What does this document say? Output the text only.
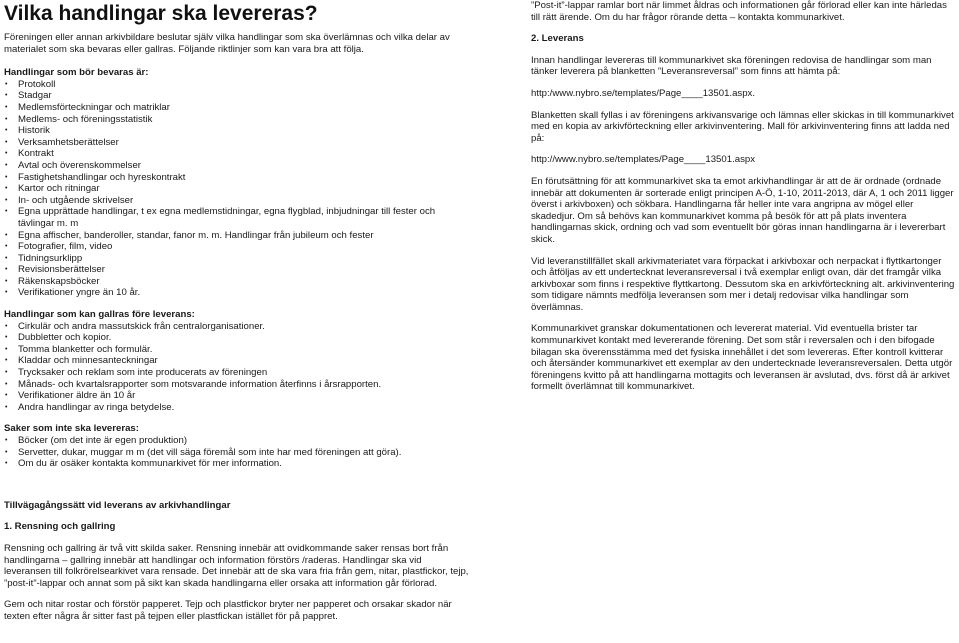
Vilka handlingar ska levereras?

Föreningen eller annan arkivbildare beslutar själv vilka handlingar som ska överlämnas och vilka delar av materialet som ska bevaras eller gallras. Följande riktlinjer som kan vara bra att följa.

Handlingar som bör bevaras är:

• Protokoll
• Stadgar
• Medlemsförteckningar och matriklar
• Medlems- och föreningsstatistik
• Historik
• Verksamhetsberättelser
• Kontrakt
• Avtal och överenskommelser
• Fastighetshandlingar och hyreskontrakt
• Kartor och ritningar
• In- och utgående skrivelser
• Egna upprättade handlingar, t ex egna medlemstidningar, egna flygblad, inbjudningar till fester och tävlingar m. m
• Egna affischer, banderoller, standar, fanor m. m. Handlingar från jubileum och fester
• Fotografier, film, video
• Tidningsurklipp
• Revisionsberättelser
• Räkenskapsböcker
• Verifikationer yngre än 10 år.

Handlingar som kan gallras före leverans:

• Cirkulär och andra massutskick från centralorganisationer.
• Dubbletter och kopior.
• Tomma blanketter och formulär.
• Kladdar och minnesanteckningar
• Trycksaker och reklam som inte producerats av föreningen
• Månads- och kvartalsrapporter som motsvarande information återfinns i årsrapporten.
• Verifikationer äldre än 10 år
• Andra handlingar av ringa betydelse.

Saker som inte ska levereras:

• Böcker (om det inte är egen produktion)
• Servetter, dukar, muggar m m (det vill säga föremål som inte har med föreningen att göra).
• Om du är osäker kontakta kommunarkivet för mer information.

Tillvägagångssätt vid leverans av arkivhandlingar

1. Rensning och gallring

Rensning och gallring är två vitt skilda saker. Rensning innebär att ovidkommande saker rensas bort från handlingarna – gallring innebär att handlingar och information förstörs /raderas. Handlingar ska vid leveransen till folkrörelsearkivet vara rensade. Det innebär att de ska vara fria från gem, nitar, plastfickor, tejp, ”post-it”-lappar och annat som på sikt kan skada handlingarna eller orsaka att information går förlorad.

Gem och nitar rostar och förstör papperet. Tejp och plastfickor bryter ner papperet och orsakar skador när texten efter några år sitter fast på tejpen eller plastfickan istället för på pappret.

”Post-it”-lappar ramlar bort när limmet åldras och informationen går förlorad eller kan inte härledas till rätt ärende. Om du har frågor rörande detta – kontakta kommunarkivet.

2. Leverans

Innan handlingar levereras till kommunarkivet ska föreningen redovisa de handlingar som man tänker leverera på blanketten ”Leveransreversal” som finns att hämta på:

http:/www.nybro.se/templates/Page____13501.aspx.

Blanketten skall fyllas i av föreningens arkivansvarige och lämnas eller skickas in till kommunarkivet med en kopia av arkivförteckning eller arkivinventering. Mall för arkivinventering finns att ladda ned på:

http://www.nybro.se/templates/Page____13501.aspx

En förutsättning för att kommunarkivet ska ta emot arkivhandlingar är att de är ordnade (ordnade innebär att dokumenten är sorterade enligt principen A-Ö, 1-10, 2011-2013, där A, 1 och 2011 ligger överst i arkivboxen) och sökbara. Handlingarna får heller inte vara angripna av mögel eller skadedjur. Om så behövs kan kommunarkivet komma på besök för att på plats inventera handlingarnas skick, ordning och vad som eventuellt bör göras innan handlingarna är i levererbart skick.

Vid leveranstillfället skall arkivmateriatet vara förpackat i arkivboxar och nerpackat i flyttkartonger och åtföljas av ett undertecknat leveransreversal i två exemplar enligt ovan, där det framgår vilka arkivboxar som finns i respektive flyttkartong. Dessutom ska en arkivförteckning alt. arkivinventering som tidigare nämnts medfölja leveransen som mer i detalj redovisar vilka handlingar som överlämnas.

Kommunarkivet granskar dokumentationen och levererat material. Vid eventuella brister tar kommunarkivet kontakt med levererande förening. Det som står i reversalen och i den bifogade bilagan ska överensstämma med det fysiska innehållet i det som levereras. Efter kontroll kvitterar och återsänder kommunarkivet ett exemplar av den undertecknade leveransreversalen. Detta utgör föreningens kvitto på att handlingarna mottagits och leveransen är avslutad, dvs. först då är arkivet formellt överlämnat till kommunarkivet.
